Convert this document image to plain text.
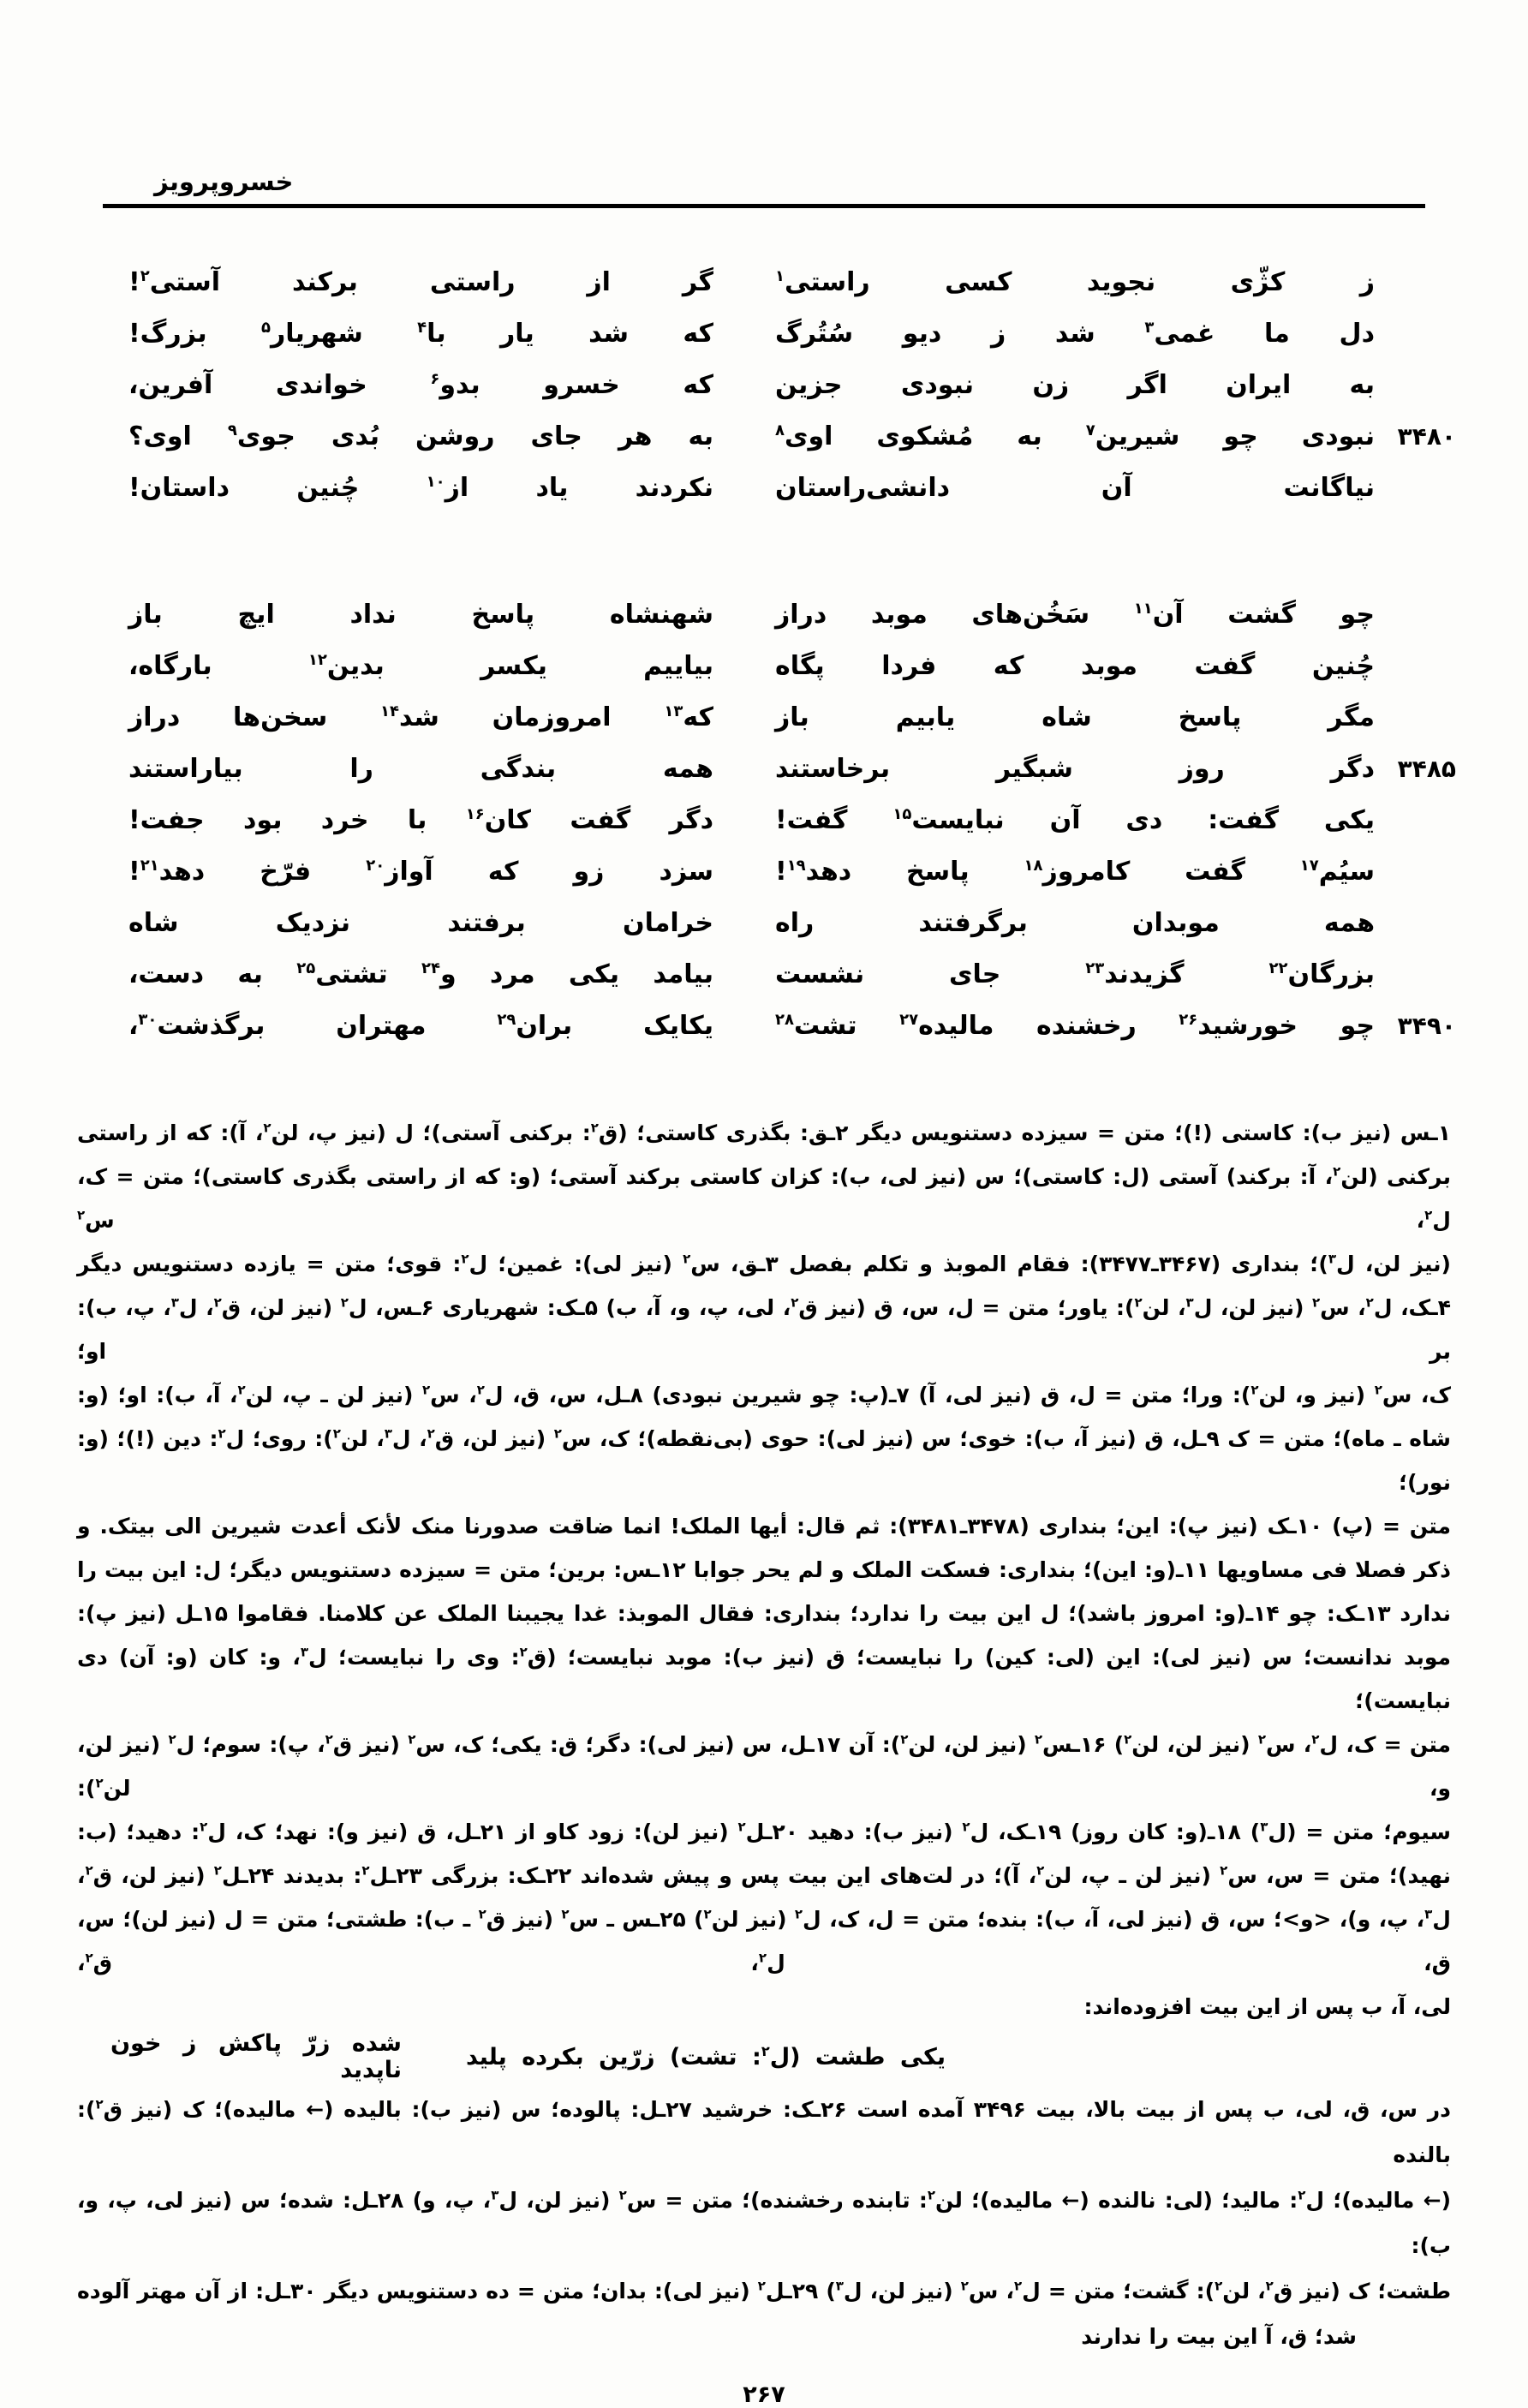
خسروپرویز
ز کژّی نجوید کسی راستی$^۱$
گر از راستی برکند آستی$^۲$!
دل ما غمی$^۳$ شد ز دیو سُتُرگ
که شد یار با$^۴$ شهریار$^۵$ بزرگ!
به ایران اگر زن نبودی جزین
که خسرو بدو$^۶$ خواندی آفرین،
۳۴۸۰
نبودی چو شیرین$^۷$ به مُشکوی اوی$^۸$
به هر جای روشن بُدی جوی$^۹$ اوی؟
نیاگانت آن دانشی‌راستان
نکردند یاد از$^{۱۰}$ چُنین داستان!
چو گشت آن$^{۱۱}$ سَخُن‌های موبد دراز
شهنشاه پاسخ نداد ایچ باز
چُنین گفت موبد که فردا پگاه
بیاییم یکسر بدین$^{۱۲}$ بارگاه،
مگر پاسخ شاه یابیم باز
که$^{۱۳}$ امروزمان شد$^{۱۴}$ سخن‌ها دراز
۳۴۸۵
دگر روز شبگیر برخاستند
همه بندگی را بیاراستند
یکی گفت: دی آن نبایست$^{۱۵}$ گفت!
دگر گفت کان$^{۱۶}$ با خرد بود جفت!
سیُم$^{۱۷}$ گفت کامروز$^{۱۸}$ پاسخ دهد$^{۱۹}$!
سزد زو که آواز$^{۲۰}$ فرّخ دهد$^{۲۱}$!
همه موبدان برگرفتند راه
خرامان برفتند نزدیک شاه
بزرگان$^{۲۲}$ گزیدند$^{۲۳}$ جای نشست
بیامد یکی مرد و$^{۲۴}$ تشتی$^{۲۵}$ به دست،
۳۴۹۰
چو خورشید$^{۲۶}$ رخشنده مالیده$^{۲۷}$ تشت$^{۲۸}$
یکایک بران$^{۲۹}$ مهتران برگذشت$^{۳۰}$،
۱ـس (نیز ب): کاستی (!)؛ متن = سیزده دستنویس دیگر ۲ـق: بگذری کاستی؛ (ق$^۲$: برکنی آستی)؛ ل (نیز پ، لن$^۲$، آ): که از راستی
برکنی (لن$^۲$، آ: برکند) آستی (ل: کاستی)؛ س (نیز لی، ب): کزان کاستی برکند آستی؛ (و: که از راستی بگذری کاستی)؛ متن = ک، ل$^۲$، س$^۲$
(نیز لن، ل$^۳$)؛ بنداری (۳۴۶۷ـ۳۴۷۷): فقام الموبذ و تکلم بفصل ۳ـق، س$^۲$ (نیز لی): غمین؛ ل$^۲$: قوی؛ متن = یازده دستنویس دیگر
۴ـک، ل$^۲$، س$^۲$ (نیز لن، ل$^۳$، لن$^۲$): یاور؛ متن = ل، س، ق (نیز ق$^۲$، لی، پ، و، آ، ب) ۵ـک: شهریاری ۶ـس، ل$^۲$ (نیز لن، ق$^۲$، ل$^۳$، پ، ب): بر او؛
ک، س$^۲$ (نیز و، لن$^۲$): ورا؛ متن = ل، ق (نیز لی، آ) ۷ـ(پ: چو شیرین نبودی) ۸ـل، س، ق، ل$^۲$، س$^۲$ (نیز لن ـ پ، لن$^۲$، آ، ب): او؛ (و:
شاه ـ ماه)؛ متن = ک ۹ـل، ق (نیز آ، ب): خوی؛ س (نیز لی): حوی (بی‌نقطه)؛ ک، س$^۲$ (نیز لن، ق$^۲$، ل$^۳$، لن$^۲$): روی؛ ل$^۲$: دین (!)؛ (و: نور)؛
متن = (پ) ۱۰ـک (نیز پ): این؛ بنداری (۳۴۷۸ـ۳۴۸۱): ثم قال: أیها الملک! انما ضاقت صدورنا منک لأنک أعدت شیرین الی بیتک. و
ذکر فصلا فی مساویها ۱۱ـ(و: این)؛ بنداری: فسکت الملک و لم یحر جوابا ۱۲ـس: برین؛ متن = سیزده دستنویس دیگر؛ ل: این بیت را
ندارد ۱۳ـک: چو ۱۴ـ(و: امروز باشد)؛ ل این بیت را ندارد؛ بنداری: فقال الموبذ: غدا یجیبنا الملک عن کلامنا. فقاموا ۱۵ـل (نیز پ):
موبد ندانست؛ س (نیز لی): این (لی: کین) را نبایست؛ ق (نیز ب): موبد نبایست؛ (ق$^۲$: وی را نبایست؛ ل$^۳$، و: کان (و: آن) دی نبایست)؛
متن = ک، ل$^۲$، س$^۲$ (نیز لن، لن$^۲$) ۱۶ـس$^۲$ (نیز لن، لن$^۲$): آن ۱۷ـل، س (نیز لی): دگر؛ ق: یکی؛ ک، س$^۲$ (نیز ق$^۲$، پ): سوم؛ ل$^۲$ (نیز لن، و، لن$^۲$):
سیوم؛ متن = (ل$^۳$) ۱۸ـ(و: کان روز) ۱۹ـک، ل$^۲$ (نیز ب): دهید ۲۰ـل$^۲$ (نیز لن): زود کاو از ۲۱ـل، ق (نیز و): نهد؛ ک، ل$^۲$: دهید؛ (ب:
نهید)؛ متن = س، س$^۲$ (نیز لن ـ پ، لن$^۲$، آ)؛ در لت‌های این بیت پس و پیش شده‌اند ۲۲ـک: بزرگی ۲۳ـل$^۲$: بدیدند ۲۴ـل$^۲$ (نیز لن، ق$^۲$،
ل$^۳$، پ، و)، <و>؛ س، ق (نیز لی، آ، ب): بنده؛ متن = ل، ک، ل$^۲$ (نیز لن$^۲$) ۲۵ـس ـ س$^۲$ (نیز ق$^۲$ ـ ب): طشتی؛ متن = ل (نیز لن)؛ س، ق، ل$^۲$، ق$^۲$،
لی، آ، ب پس از این بیت افزوده‌اند:
یکی طشت (ل$^۲$: تشت) زرّین بکرده پلید
شده زرّ پاکش ز خون ناپدید
در س، ق، لی، ب پس از بیت بالا، بیت ۳۴۹۶ آمده است ۲۶ـک: خرشید ۲۷ـل: پالوده؛ س (نیز ب): بالیده (← مالیده)؛ ک (نیز ق$^۲$): بالنده
(← مالیده)؛ ل$^۲$: مالید؛ (لی: نالنده (← مالیده)؛ لن$^۲$: تابنده رخشنده)؛ متن = س$^۲$ (نیز لن، ل$^۳$، پ، و) ۲۸ـل: شده؛ س (نیز لی، پ، و، ب):
طشت؛ ک (نیز ق$^۲$، لن$^۲$): گشت؛ متن = ل$^۲$، س$^۲$ (نیز لن، ل$^۳$) ۲۹ـل$^۲$ (نیز لی): بدان؛ متن = ده دستنویس دیگر ۳۰ـل: از آن مهتر آلوده
شد؛ ق، آ این بیت را ندارند
۲۶۷
